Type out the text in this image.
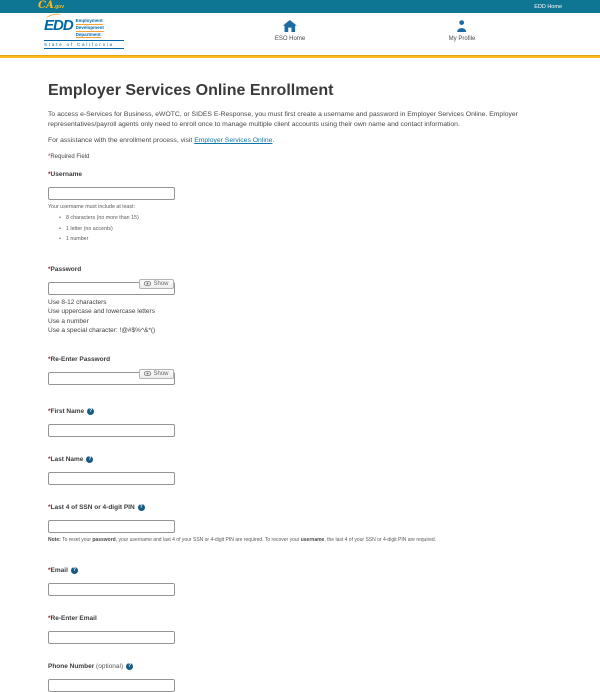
CA.gov	EDD Home
EDD Employment
Development
Department
State of California
ESO Home	My Profile
Employer Services Online Enrollment

To access e-Services for Business, eWOTC, or SIDES E-Response, you must first create a username and password in Employer Services Online. Employer representatives/payroll agents only need to enroll once to manage multiple client accounts using their own name and contact information.

For assistance with the enrollment process, visit Employer Services Online.

*Required Field

*Username
Your username must include at least:
• 8 characters (no more than 15)
• 1 letter (no accents)
• 1 number
*Password
Show
Use 8-12 characters
Use uppercase and lowercase letters
Use a number
Use a special character: !@#$%^&*()
*Re-Enter Password
Show
*First Name ?
*Last Name ?
*Last 4 of SSN or 4-digit PIN ?
Note: To reset your password, your username and last 4 of your SSN or 4-digit PIN are required. To recover your username, the last 4 of your SSN or 4-digit PIN are required.
*Email ?
*Re-Enter Email
Phone Number (optional) ?
